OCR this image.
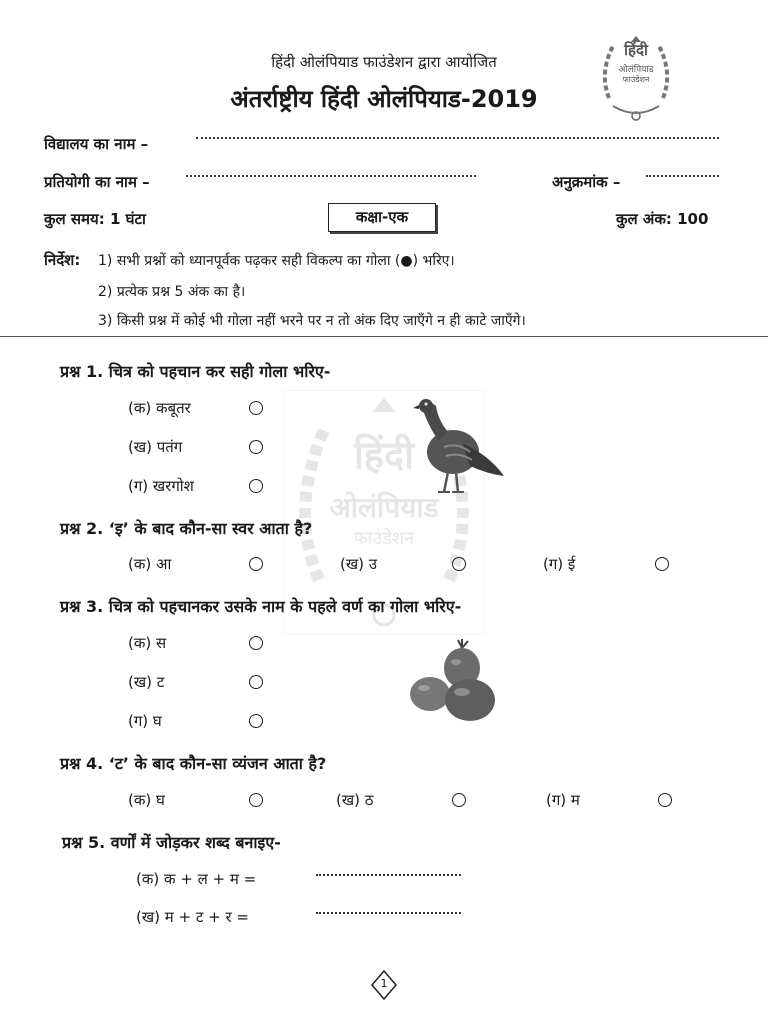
हिंदी ओलंपियाड फाउंडेशन द्वारा आयोजित
अंतर्राष्ट्रीय हिंदी ओलंपियाड-2019
हिंदी
ओलंपियाड
फाउंडेशन
विद्यालय का नाम –
प्रतियोगी का नाम –	अनुक्रमांक –
कुल समय: 1 घंटा	कक्षा-एक	कुल अंक: 100
निर्देश: 1) सभी प्रश्नों को ध्यानपूर्वक पढ़कर सही विकल्प का गोला (●) भरिए।
2) प्रत्येक प्रश्न 5 अंक का है।
3) किसी प्रश्न में कोई भी गोला नहीं भरने पर न तो अंक दिए जाएँगे न ही काटे जाएँगे।
हिंदी
ओलंपियाड
फाउंडेशन
प्रश्न 1. चित्र को पहचान कर सही गोला भरिए-
(क) कबूतर
(ख) पतंग
(ग) खरगोश
प्रश्न 2. ‘इ’ के बाद कौन-सा स्वर आता है?
(क) आ	(ख) उ	(ग) ई
प्रश्न 3. चित्र को पहचानकर उसके नाम के पहले वर्ण का गोला भरिए-
(क) स
(ख) ट
(ग) घ
प्रश्न 4. ‘ट’ के बाद कौन-सा व्यंजन आता है?
(क) घ	(ख) ठ	(ग) म
प्रश्न 5. वर्णों में जोड़कर शब्द बनाइए-
(क) क + ल + म =
(ख) म + ट + र =
1
